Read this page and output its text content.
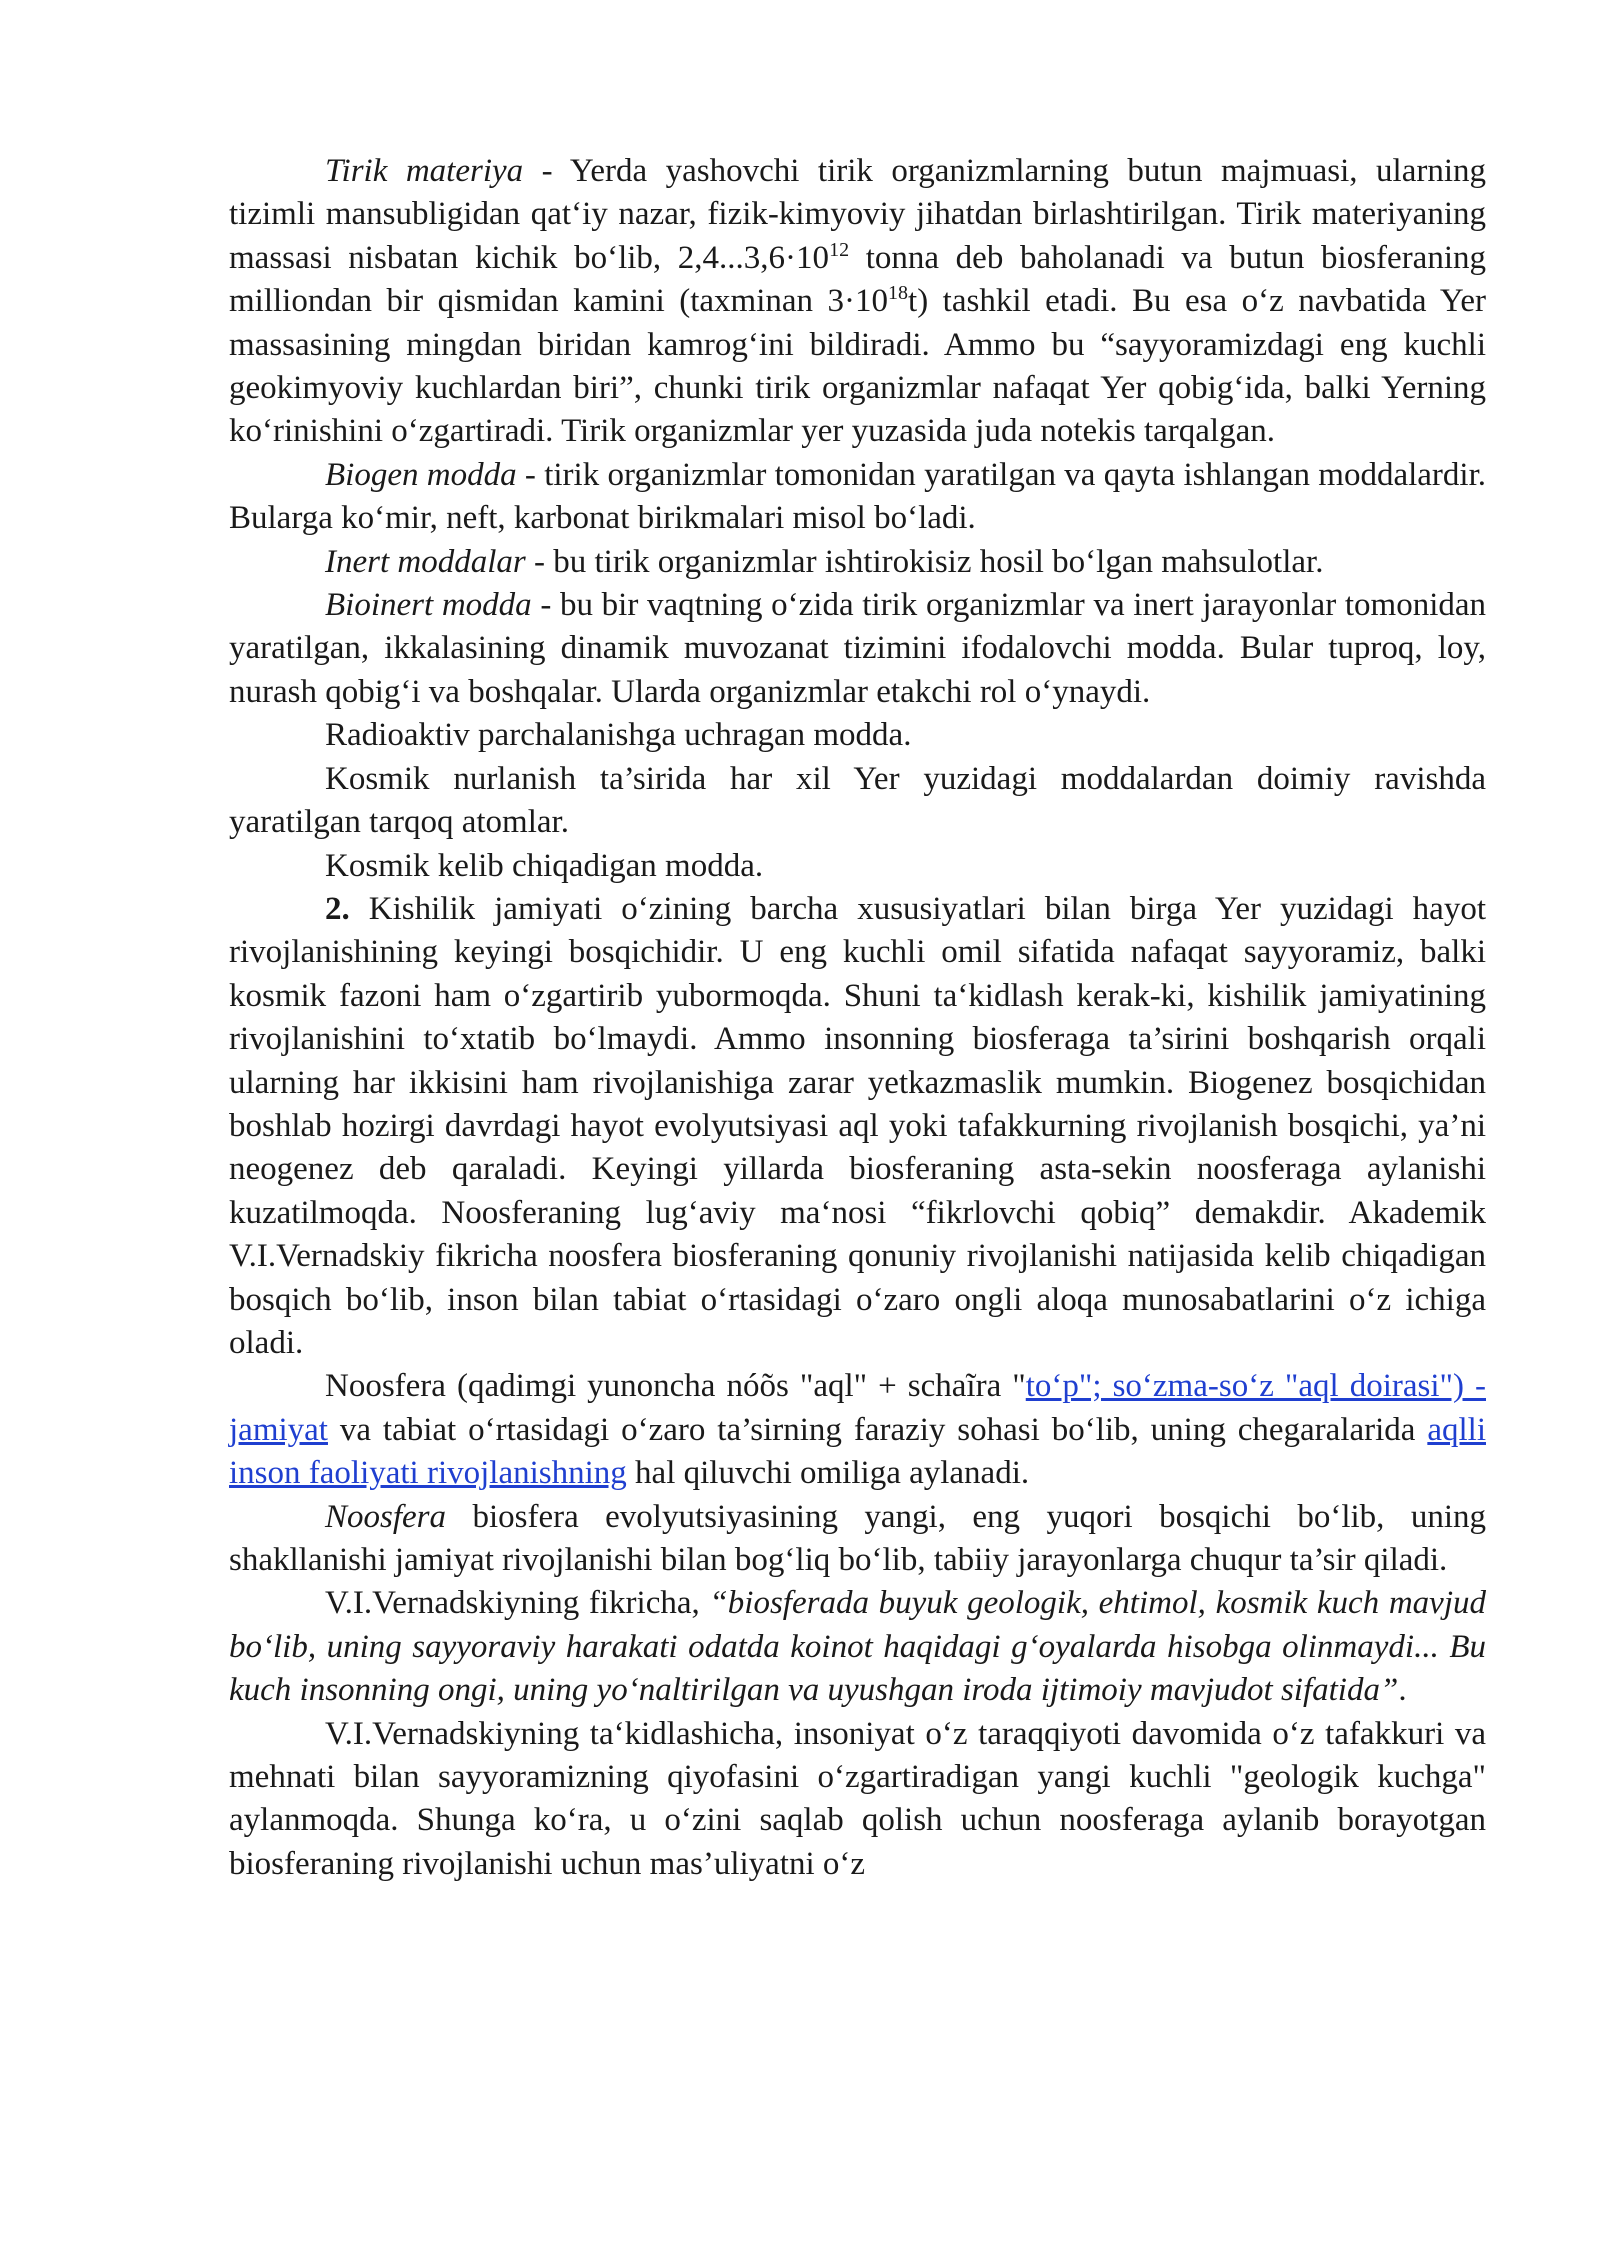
Tirik materiya - Yerda yashovchi tirik organizmlarning butun majmuasi, ularning tizimli mansubligidan qat‘iy nazar, fizik-kimyoviy jihatdan birlashtirilgan. Tirik materiyaning massasi nisbatan kichik bo‘lib, $2,4...3,6\cdot 10^{12}$ tonna deb baholanadi va butun biosferaning milliondan bir qismidan kamini (taxminan $3\cdot 10^{18}t$) tashkil etadi. Bu esa o‘z navbatida Yer massasining mingdan biridan kamrog‘ini bildiradi. Ammo bu “sayyoramizdagi eng kuchli geokimyoviy kuchlardan biri”, chunki tirik organizmlar nafaqat Yer qobig‘ida, balki Yerning ko‘rinishini o‘zgartiradi. Tirik organizmlar yer yuzasida juda notekis tarqalgan.

Biogen modda - tirik organizmlar tomonidan yaratilgan va qayta ishlangan moddalardir. Bularga ko‘mir, neft, karbonat birikmalari misol bo‘ladi.

Inert moddalar - bu tirik organizmlar ishtirokisiz hosil bo‘lgan mahsulotlar.

Bioinert modda - bu bir vaqtning o‘zida tirik organizmlar va inert jarayonlar tomonidan yaratilgan, ikkalasining dinamik muvozanat tizimini ifodalovchi modda. Bular tuproq, loy, nurash qobig‘i va boshqalar. Ularda organizmlar etakchi rol o‘ynaydi.

Radioaktiv parchalanishga uchragan modda.

Kosmik nurlanish ta’sirida har xil Yer yuzidagi moddalardan doimiy ravishda yaratilgan tarqoq atomlar.

Kosmik kelib chiqadigan modda.

2. Kishilik jamiyati o‘zining barcha xususiyatlari bilan birga Yer yuzidagi hayot rivojlanishining keyingi bosqichidir. U eng kuchli omil sifatida nafaqat sayyoramiz, balki kosmik fazoni ham o‘zgartirib yubormoqda. Shuni ta‘kidlash kerak-ki, kishilik jamiyatining rivojlanishini to‘xtatib bo‘lmaydi. Ammo insonning biosferaga ta’sirini boshqarish orqali ularning har ikkisini ham rivojlanishiga zarar yetkazmaslik mumkin. Biogenez bosqichidan boshlab hozirgi davrdagi hayot evolyutsiyasi aql yoki tafakkurning rivojlanish bosqichi, ya’ni neogenez deb qaraladi. Keyingi yillarda biosferaning asta-sekin noosferaga aylanishi kuzatilmoqda. Noosferaning lug‘aviy ma‘nosi “fikrlovchi qobiq” demakdir. Akademik V.I.Vernadskiy fikricha noosfera biosferaning qonuniy rivojlanishi natijasida kelib chiqadigan bosqich bo‘lib, inson bilan tabiat o‘rtasidagi o‘zaro ongli aloqa munosabatlarini o‘z ichiga oladi.

Noosfera (qadimgi yunoncha nóõs "aql" + schaĩra "to‘p"; so‘zma-so‘z "aql doirasi") - jamiyat va tabiat o‘rtasidagi o‘zaro ta’sirning faraziy sohasi bo‘lib, uning chegaralarida aqlli inson faoliyati rivojlanishning hal qiluvchi omiliga aylanadi.

Noosfera biosfera evolyutsiyasining yangi, eng yuqori bosqichi bo‘lib, uning shakllanishi jamiyat rivojlanishi bilan bog‘liq bo‘lib, tabiiy jarayonlarga chuqur ta’sir qiladi.

V.I.Vernadskiyning fikricha, “biosferada buyuk geologik, ehtimol, kosmik kuch mavjud bo‘lib, uning sayyoraviy harakati odatda koinot haqidagi g‘oyalarda hisobga olinmaydi... Bu kuch insonning ongi, uning yo‘naltirilgan va uyushgan iroda ijtimoiy mavjudot sifatida”.

V.I.Vernadskiyning ta‘kidlashicha, insoniyat o‘z taraqqiyoti davomida o‘z tafakkuri va mehnati bilan sayyoramizning qiyofasini o‘zgartiradigan yangi kuchli "geologik kuchga" aylanmoqda. Shunga ko‘ra, u o‘zini saqlab qolish uchun noosferaga aylanib borayotgan biosferaning rivojlanishi uchun mas’uliyatni o‘z
